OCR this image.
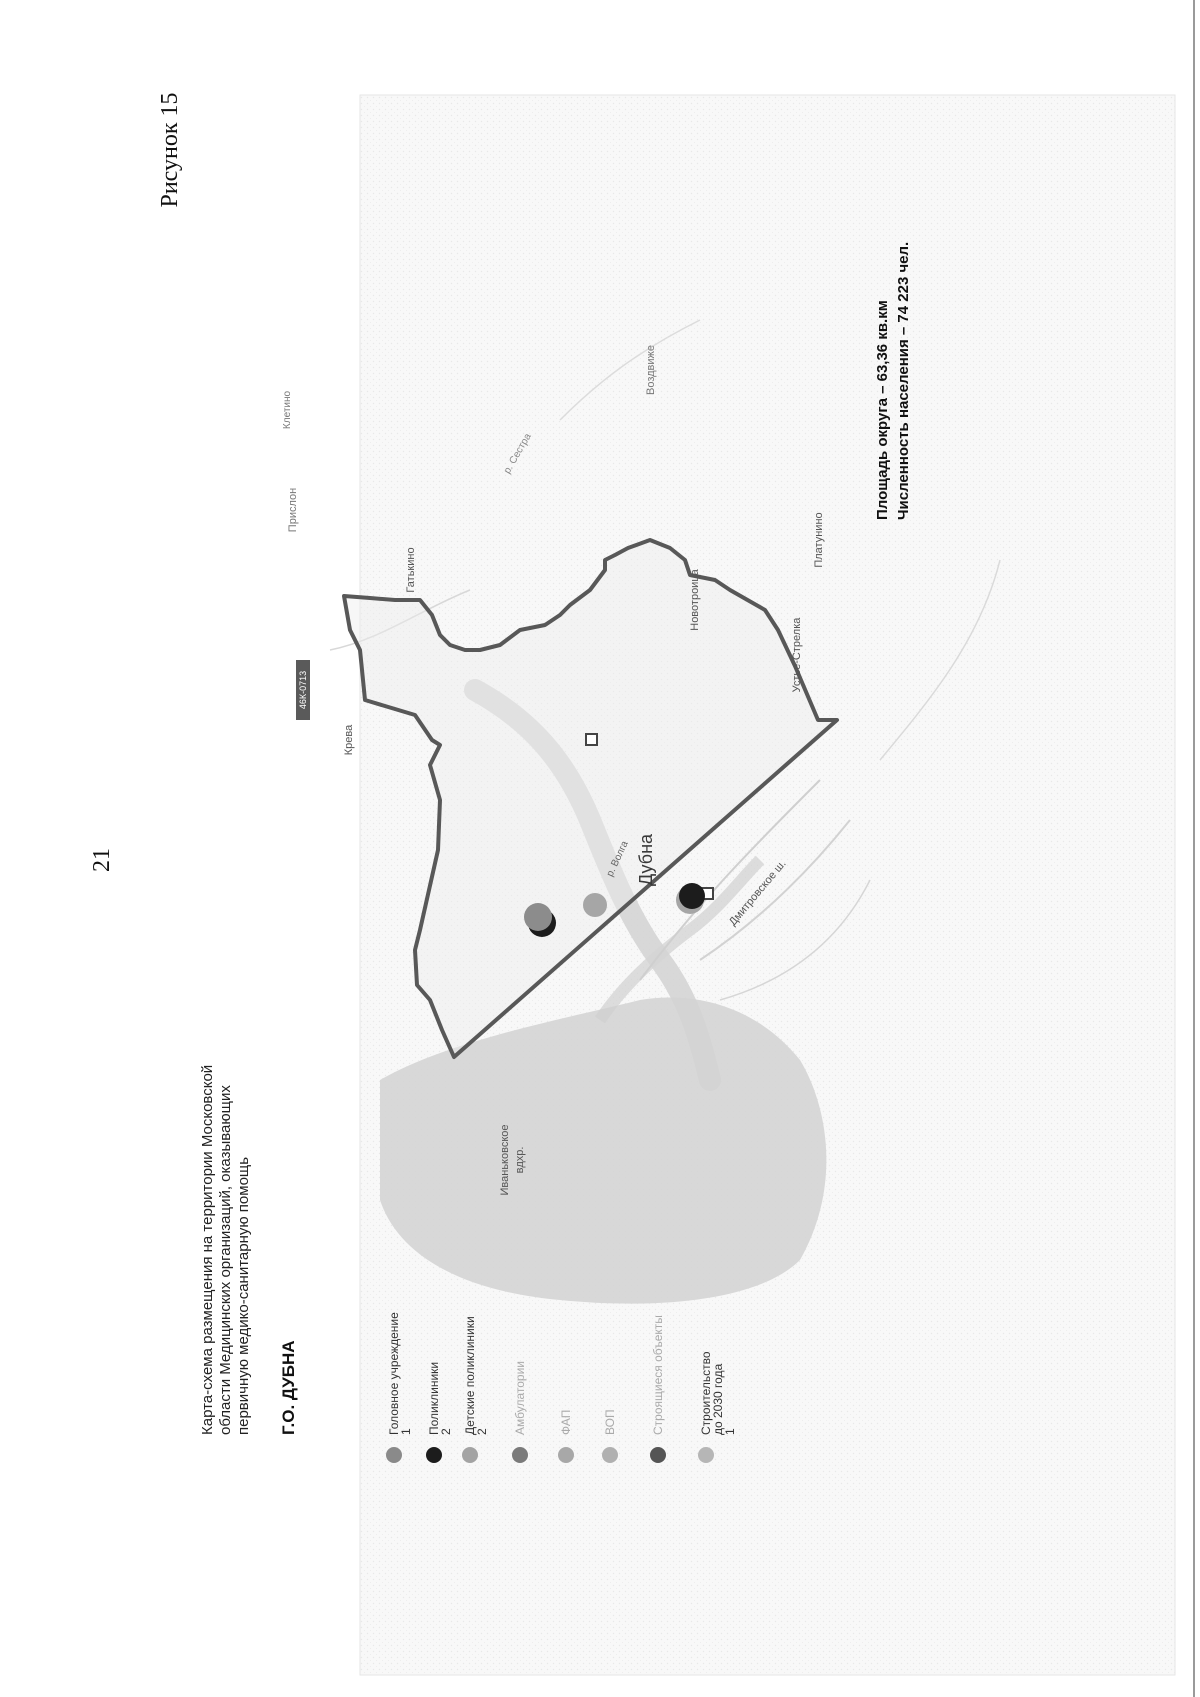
21
Рисунок 15
Дубна
Иваньковское вдхр.
Крева
46К-0713
Гатькино
Прислон
Клетино
р. Волга
р. Сестра
Новотроица
Устье-Стрелка
Платунино
Воздвиже
Дмитровское ш.
Карта-схема размещения на территории Московской области Медицинских организаций, оказывающих первичную медико-санитарную помощь Г.О. ДУБНА
Площадь округа – 63,36 кв.км Численность населения – 74 223 чел.
Головное учреждение
1 Поликлиники
2 Детские поликлиники
2 Амбулатории	ФАП	ВОП	Строящиеся объекты	Строительство
до 2030 года
1
